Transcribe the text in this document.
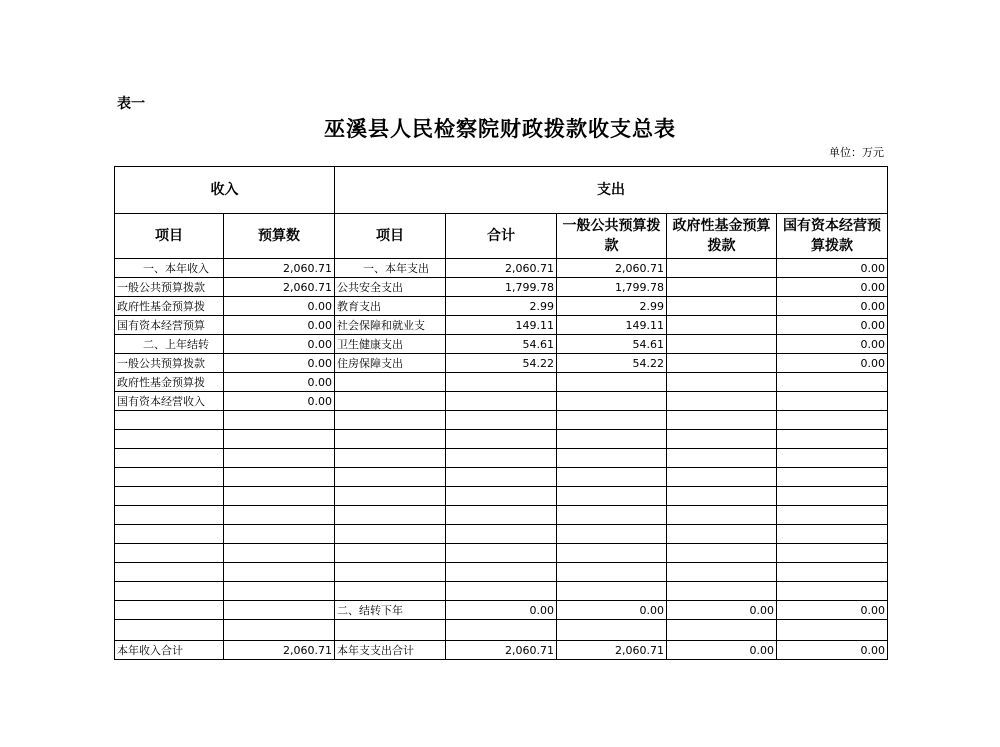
表一
巫溪县人民检察院财政拨款收支总表
单位：万元
收入		支出				
项目	预算数	项目	合计	一般公共预算拨款	政府性基金预算拨款	国有资本经营预算拨款
一、本年收入	2,060.71	一、本年支出	2,060.71	2,060.71		0.00
一般公共预算拨款	2,060.71	公共安全支出	1,799.78	1,799.78		0.00
政府性基金预算拨	0.00	教育支出	2.99	2.99		0.00
国有资本经营预算	0.00	社会保障和就业支	149.11	149.11		0.00
二、上年结转	0.00	卫生健康支出	54.61	54.61		0.00
一般公共预算拨款	0.00	住房保障支出	54.22	54.22		0.00
政府性基金预算拨	0.00					
国有资本经营收入	0.00					

		二、结转下年	0.00	0.00	0.00	0.00

本年收入合计	2,060.71	本年支支出合计	2,060.71	2,060.71	0.00	0.00
